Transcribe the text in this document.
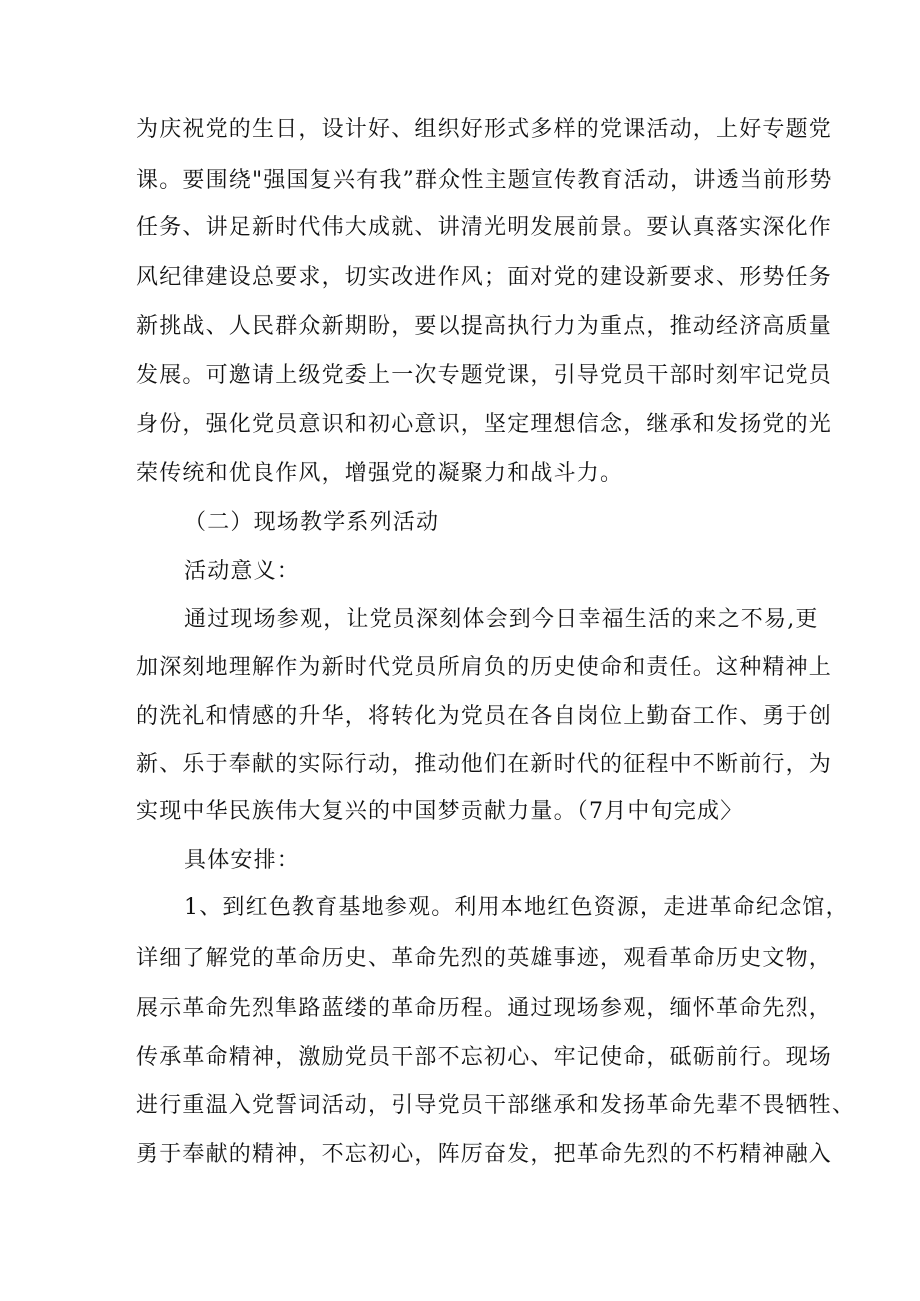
为庆祝党的生日，设计好、组织好形式多样的党课活动，上好专题党
课。要围绕"强国复兴有我”群众性主题宣传教育活动，讲透当前形势
任务、讲足新时代伟大成就、讲清光明发展前景。要认真落实深化作
风纪律建设总要求，切实改进作风；面对党的建设新要求、形势任务
新挑战、人民群众新期盼，要以提高执行力为重点，推动经济高质量
发展。可邀请上级党委上一次专题党课，引导党员干部时刻牢记党员
身份，强化党员意识和初心意识，坚定理想信念，继承和发扬党的光
荣传统和优良作风，增强党的凝聚力和战斗力。
（二）现场教学系列活动
活动意义：
通过现场参观，让党员深刻体会到今日幸福生活的来之不易,更
加深刻地理解作为新时代党员所肩负的历史使命和责任。这种精神上
的洗礼和情感的升华，将转化为党员在各自岗位上勤奋工作、勇于创
新、乐于奉献的实际行动，推动他们在新时代的征程中不断前行，为
实现中华民族伟大复兴的中国梦贡献力量。（7月中旬完成〉
具体安排：
1、到红色教育基地参观。利用本地红色资源，走进革命纪念馆，
详细了解党的革命历史、革命先烈的英雄事迹，观看革命历史文物，
展示革命先烈隼路蓝缕的革命历程。通过现场参观，缅怀革命先烈，
传承革命精神，激励党员干部不忘初心、牢记使命，砥砺前行。现场
进行重温入党誓词活动，引导党员干部继承和发扬革命先辈不畏牺牲、
勇于奉献的精神，不忘初心，阵厉奋发，把革命先烈的不朽精神融入
